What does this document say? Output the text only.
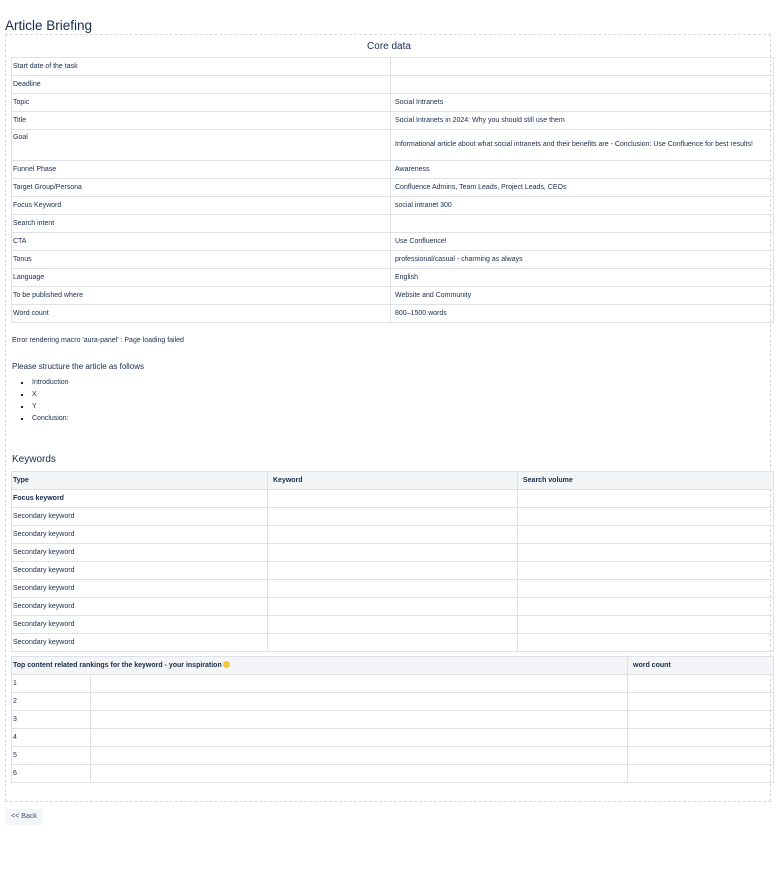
Article Briefing
Core data
Start date of the task	
Deadline	
Topic	Social Intranets
Title	Social Intranets in 2024: Why you should still use them
Goal	Informational article about what social intranets and their benefits are - Conclusion: Use Confluence for best results!
Funnel Phase	Awareness
Target Group/Persona	Confluence Admins, Team Leads, Project Leads, CEOs
Focus Keyword	social intranet 300
Search intent	
CTA	Use Confluence!
Tonus	professional/casual - charming as always
Language	English
To be published where	Website and Community
Word count	800–1500 words
Error rendering macro 'aura-panel' : Page loading failed
Please structure the article as follows
Introduction
X
Y
Conclusion:
Keywords
Type	Keyword	Search volume
Focus keyword		
Secondary keyword		
Secondary keyword		
Secondary keyword		
Secondary keyword		
Secondary keyword		
Secondary keyword		
Secondary keyword		
Secondary keyword		
Top content related rankings for the keyword - your inspiration		word count
1		
2		
3		
4		
5		
6		
<< Back
